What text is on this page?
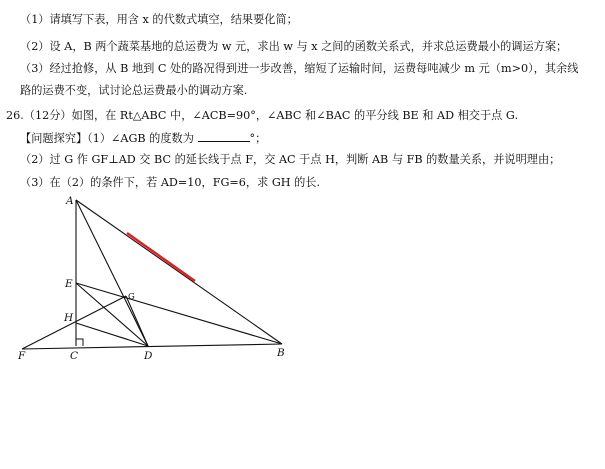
（1）请填写下表，用含 x 的代数式填空，结果要化简；
（2）设 A，B 两个蔬菜基地的总运费为 w 元，求出 w 与 x 之间的函数关系式，并求总运费最小的调运方案；
（3）经过抢修，从 B 地到 C 处的路况得到进一步改善，缩短了运输时间，运费每吨减少 m 元（m>0），其余线
路的运费不变，试讨论总运费最小的调动方案.
26.（12分）如图，在 Rt△ABC 中，∠ACB=90°，∠ABC 和∠BAC 的平分线 BE 和 AD 相交于点 G.
【问题探究】（1）∠AGB 的度数为	°；
（2）过 G 作 GF⊥AD 交 BC 的延长线于点 F，交 AC 于点 H，判断 AB 与 FB 的数量关系，并说明理由；
（3）在（2）的条件下，若 AD=10，FG=6，求 GH 的长.
A
E
G
H
F	C	D	B
